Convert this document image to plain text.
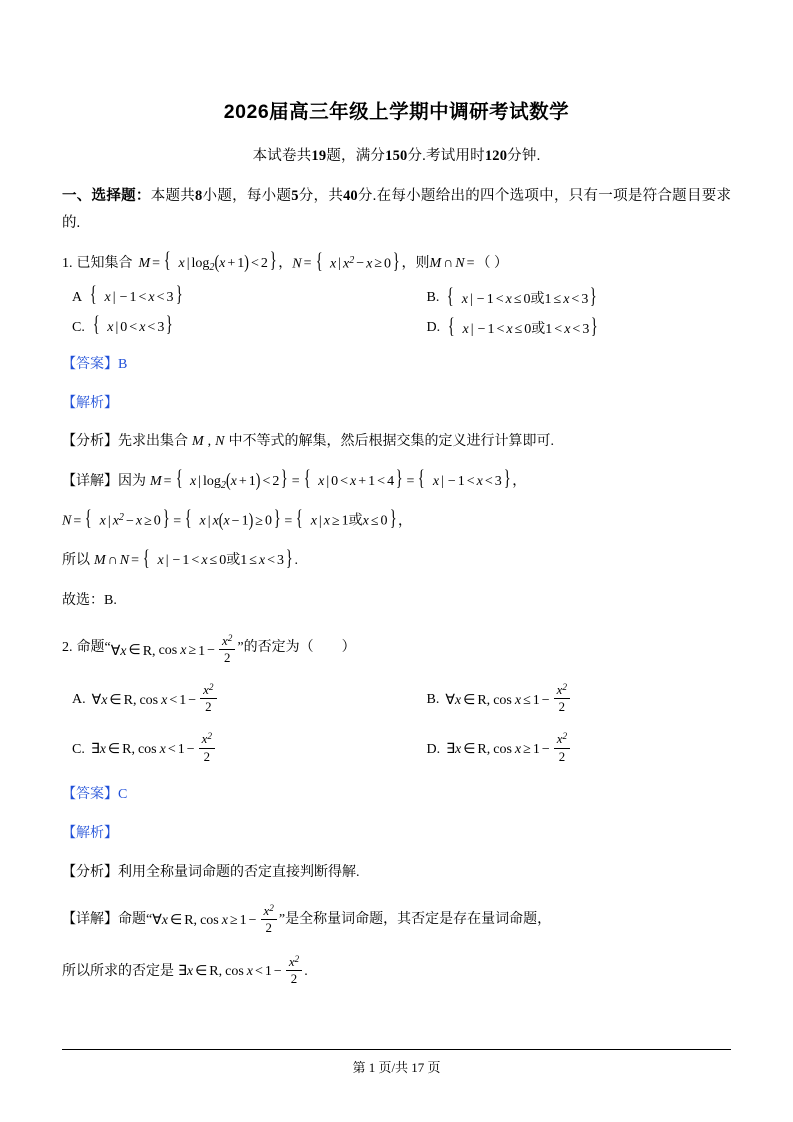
2026届高三年级上学期中调研考试数学
本试卷共19题，满分150分.考试用时120分钟.
一、选择题：本题共8小题，每小题5分，共40分.在每小题给出的四个选项中，只有一项是符合题目要求的.
1. 已知集合 M = { x | $\log_2(x + 1) < 2$} ， N = { x | $x^2 - x \ge 0$} ，则 M ∩ N = （ ）
A { x | − 1 < x < 3}	B. { x | − 1 < x ≤ 0或1 ≤ x < 3}
C. { x | 0 < x < 3}	D. { x | − 1 < x ≤ 0或1 < x < 3}
【答案】B
【解析】
【分析】 先求出集合 M , N 中不等式的解集，然后根据交集的定义进行计算即可.
【详解】 因为 M = { x | $\log_2(x + 1) < 2$} = { x | 0 < x + 1 < 4} = { x | − 1 < x < 3} ，
N = { x | $x^2 - x \ge 0$} = { x | x(x − 1) ≥ 0} = { x | x ≥ 1或x ≤ 0} ，
所以 M ∩ N = { x | − 1 < x ≤ 0或1 ≤ x < 3} .
故选：B.
2. 命题 “ ∀x ∈ R, $\cos x \ge 1 - \frac{x^2}{2}$ ” 的否定为（　　）
A. ∀x ∈ R, $\cos x < 1 - \frac{x^2}{2}$	B. ∀x ∈ R, $\cos x \le 1 - \frac{x^2}{2}$
C. ∃x ∈ R, $\cos x < 1 - \frac{x^2}{2}$	D. ∃x ∈ R, $\cos x \ge 1 - \frac{x^2}{2}$
【答案】C
【解析】
【分析】 利用全称量词命题的否定直接判断得解.
【详解】 命题 “ ∀x ∈ R, $\cos x \ge 1 - \frac{x^2}{2}$ ” 是全称量词命题，其否定是存在量词命题，
所以所求的否定是 ∃x ∈ R, $\cos x < 1 - \frac{x^2}{2}$ .
第 1 页/共 17 页
